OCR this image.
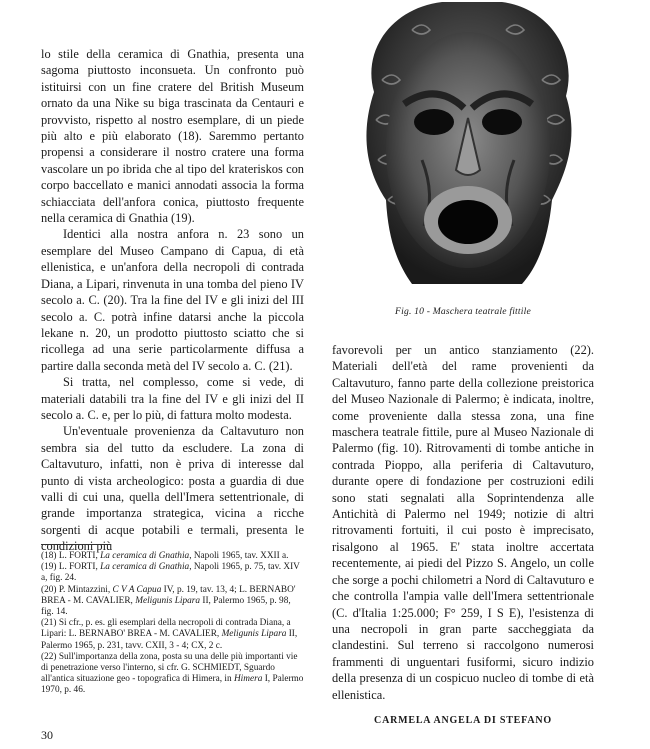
lo stile della ceramica di Gnathia, presenta una sagoma piuttosto inconsueta. Un confronto può istituirsi con un fine cratere del British Museum ornato da una Nike su biga trascinata da Centauri e provvisto, rispetto al nostro esemplare, di un piede più alto e più elaborato (18). Saremmo pertanto propensi a considerare il nostro cratere una forma vascolare un po ibrida che al tipo del krateriskos con corpo baccellato e manici annodati associa la forma schiacciata dell'anfora conica, piuttosto frequente nella ceramica di Gnathia (19).

Identici alla nostra anfora n. 23 sono un esemplare del Museo Campano di Capua, di età ellenistica, e un'anfora della necropoli di contrada Diana, a Lipari, rinvenuta in una tomba del pieno IV secolo a. C. (20). Tra la fine del IV e gli inizi del III secolo a. C. potrà infine datarsi anche la piccola lekane n. 20, un prodotto piuttosto sciatto che si ricollega ad una serie particolarmente diffusa a partire dalla seconda metà del IV secolo a. C. (21).

Si tratta, nel complesso, come si vede, di materiali databili tra la fine del IV e gli inizi del II secolo a. C. e, per lo più, di fattura molto modesta.

Un'eventuale provenienza da Caltavuturo non sembra sia del tutto da escludere. La zona di Caltavuturo, infatti, non è priva di interesse dal punto di vista archeologico: posta a guardia di due valli di cui una, quella dell'Imera settentrionale, di grande importanza strategica, vicina a ricche sorgenti di acque potabili e termali, presenta le condizioni più

(18) L. FORTI, La ceramica di Gnathia, Napoli 1965, tav. XXII a.

(19) L. FORTI, La ceramica di Gnathia, Napoli 1965, p. 75, tav. XIV a, fig. 24.

(20) P. Mintazzini, C V A Capua IV, p. 19, tav. 13, 4; L. BERNABO' BREA - M. CAVALIER, Meligunis Lipara II, Palermo 1965, p. 98, fig. 14.

(21) Si cfr., p. es. gli esemplari della necropoli di contrada Diana, a Lipari: L. BERNABO' BREA - M. CAVALIER, Meligunis Lipara II, Palermo 1965, p. 231, tavv. CXII, 3 - 4; CX, 2 c.

(22) Sull'importanza della zona, posta su una delle più importanti vie di penetrazione verso l'interno, si cfr. G. SCHMIEDT, Sguardo all'antica situazione geo - topografica di Himera, in Himera I, Palermo 1970, p. 46.

Fig. 10 - Maschera teatrale fittile

favorevoli per un antico stanziamento (22). Materiali dell'età del rame provenienti da Caltavuturo, fanno parte della collezione preistorica del Museo Nazionale di Palermo; è indicata, inoltre, come proveniente dalla stessa zona, una fine maschera teatrale fittile, pure al Museo Nazionale di Palermo (fig. 10). Ritrovamenti di tombe antiche in contrada Pioppo, alla periferia di Caltavuturo, durante opere di fondazione per costruzioni edili sono stati segnalati alla Soprintendenza alle Antichità di Palermo nel 1949; notizie di altri ritrovamenti fortuiti, il cui posto è imprecisato, risalgono al 1965. E' stata inoltre accertata recentemente, ai piedi del Pizzo S. Angelo, un colle che sorge a pochi chilometri a Nord di Caltavuturo e che controlla l'ampia valle dell'Imera settentrionale (C. d'Italia 1:25.000; F° 259, I S E), l'esistenza di una necropoli in gran parte saccheggiata da clandestini. Sul terreno si raccolgono numerosi frammenti di unguentari fusiformi, sicuro indizio della presenza di un cospicuo nucleo di tombe di età ellenistica.

CARMELA ANGELA DI STEFANO
30
